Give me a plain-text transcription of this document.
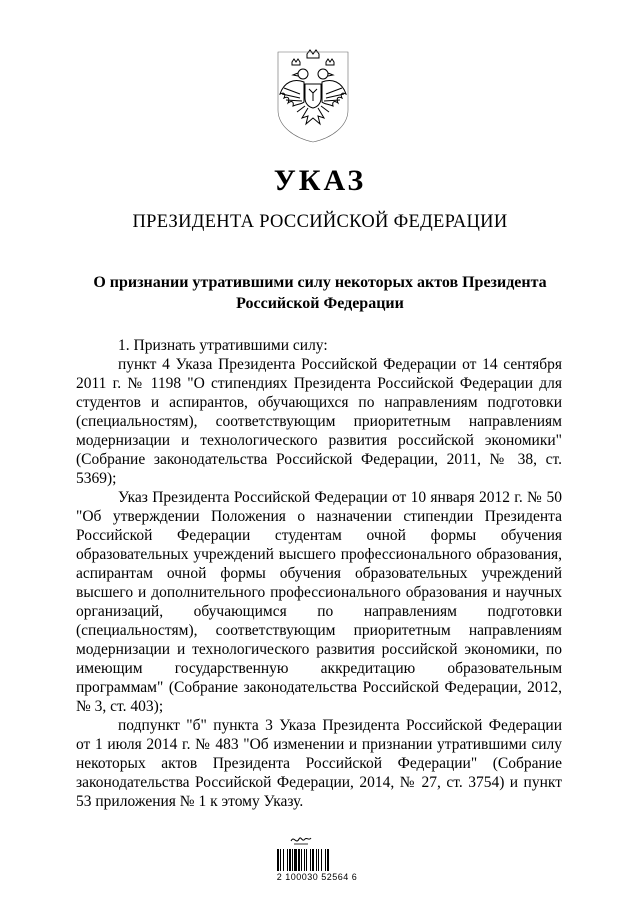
УКАЗ
ПРЕЗИДЕНТА РОССИЙСКОЙ ФЕДЕРАЦИИ
О признании утратившими силу некоторых актов Президента Российской Федерации

1. Признать утратившими силу:

пункт 4 Указа Президента Российской Федерации от 14 сентября 2011 г. № 1198 "О стипендиях Президента Российской Федерации для студентов и аспирантов, обучающихся по направлениям подготовки (специальностям), соответствующим приоритетным направлениям модернизации и технологического развития российской экономики" (Собрание законодательства Российской Федерации, 2011, № 38, ст. 5369);

Указ Президента Российской Федерации от 10 января 2012 г. № 50 "Об утверждении Положения о назначении стипендии Президента Российской Федерации студентам очной формы обучения образовательных учреждений высшего профессионального образования, аспирантам очной формы обучения образовательных учреждений высшего и дополнительного профессионального образования и научных организаций, обучающимся по направлениям подготовки (специальностям), соответствующим приоритетным направлениям модернизации и технологического развития российской экономики, по имеющим государственную аккредитацию образовательным программам" (Собрание законодательства Российской Федерации, 2012, № 3, ст. 403);

подпункт "б" пункта 3 Указа Президента Российской Федерации от 1 июля 2014 г. № 483 "Об изменении и признании утратившими силу некоторых актов Президента Российской Федерации" (Собрание законодательства Российской Федерации, 2014, № 27, ст. 3754) и пункт 53 приложения № 1 к этому Указу.

2 100030 52564 6
